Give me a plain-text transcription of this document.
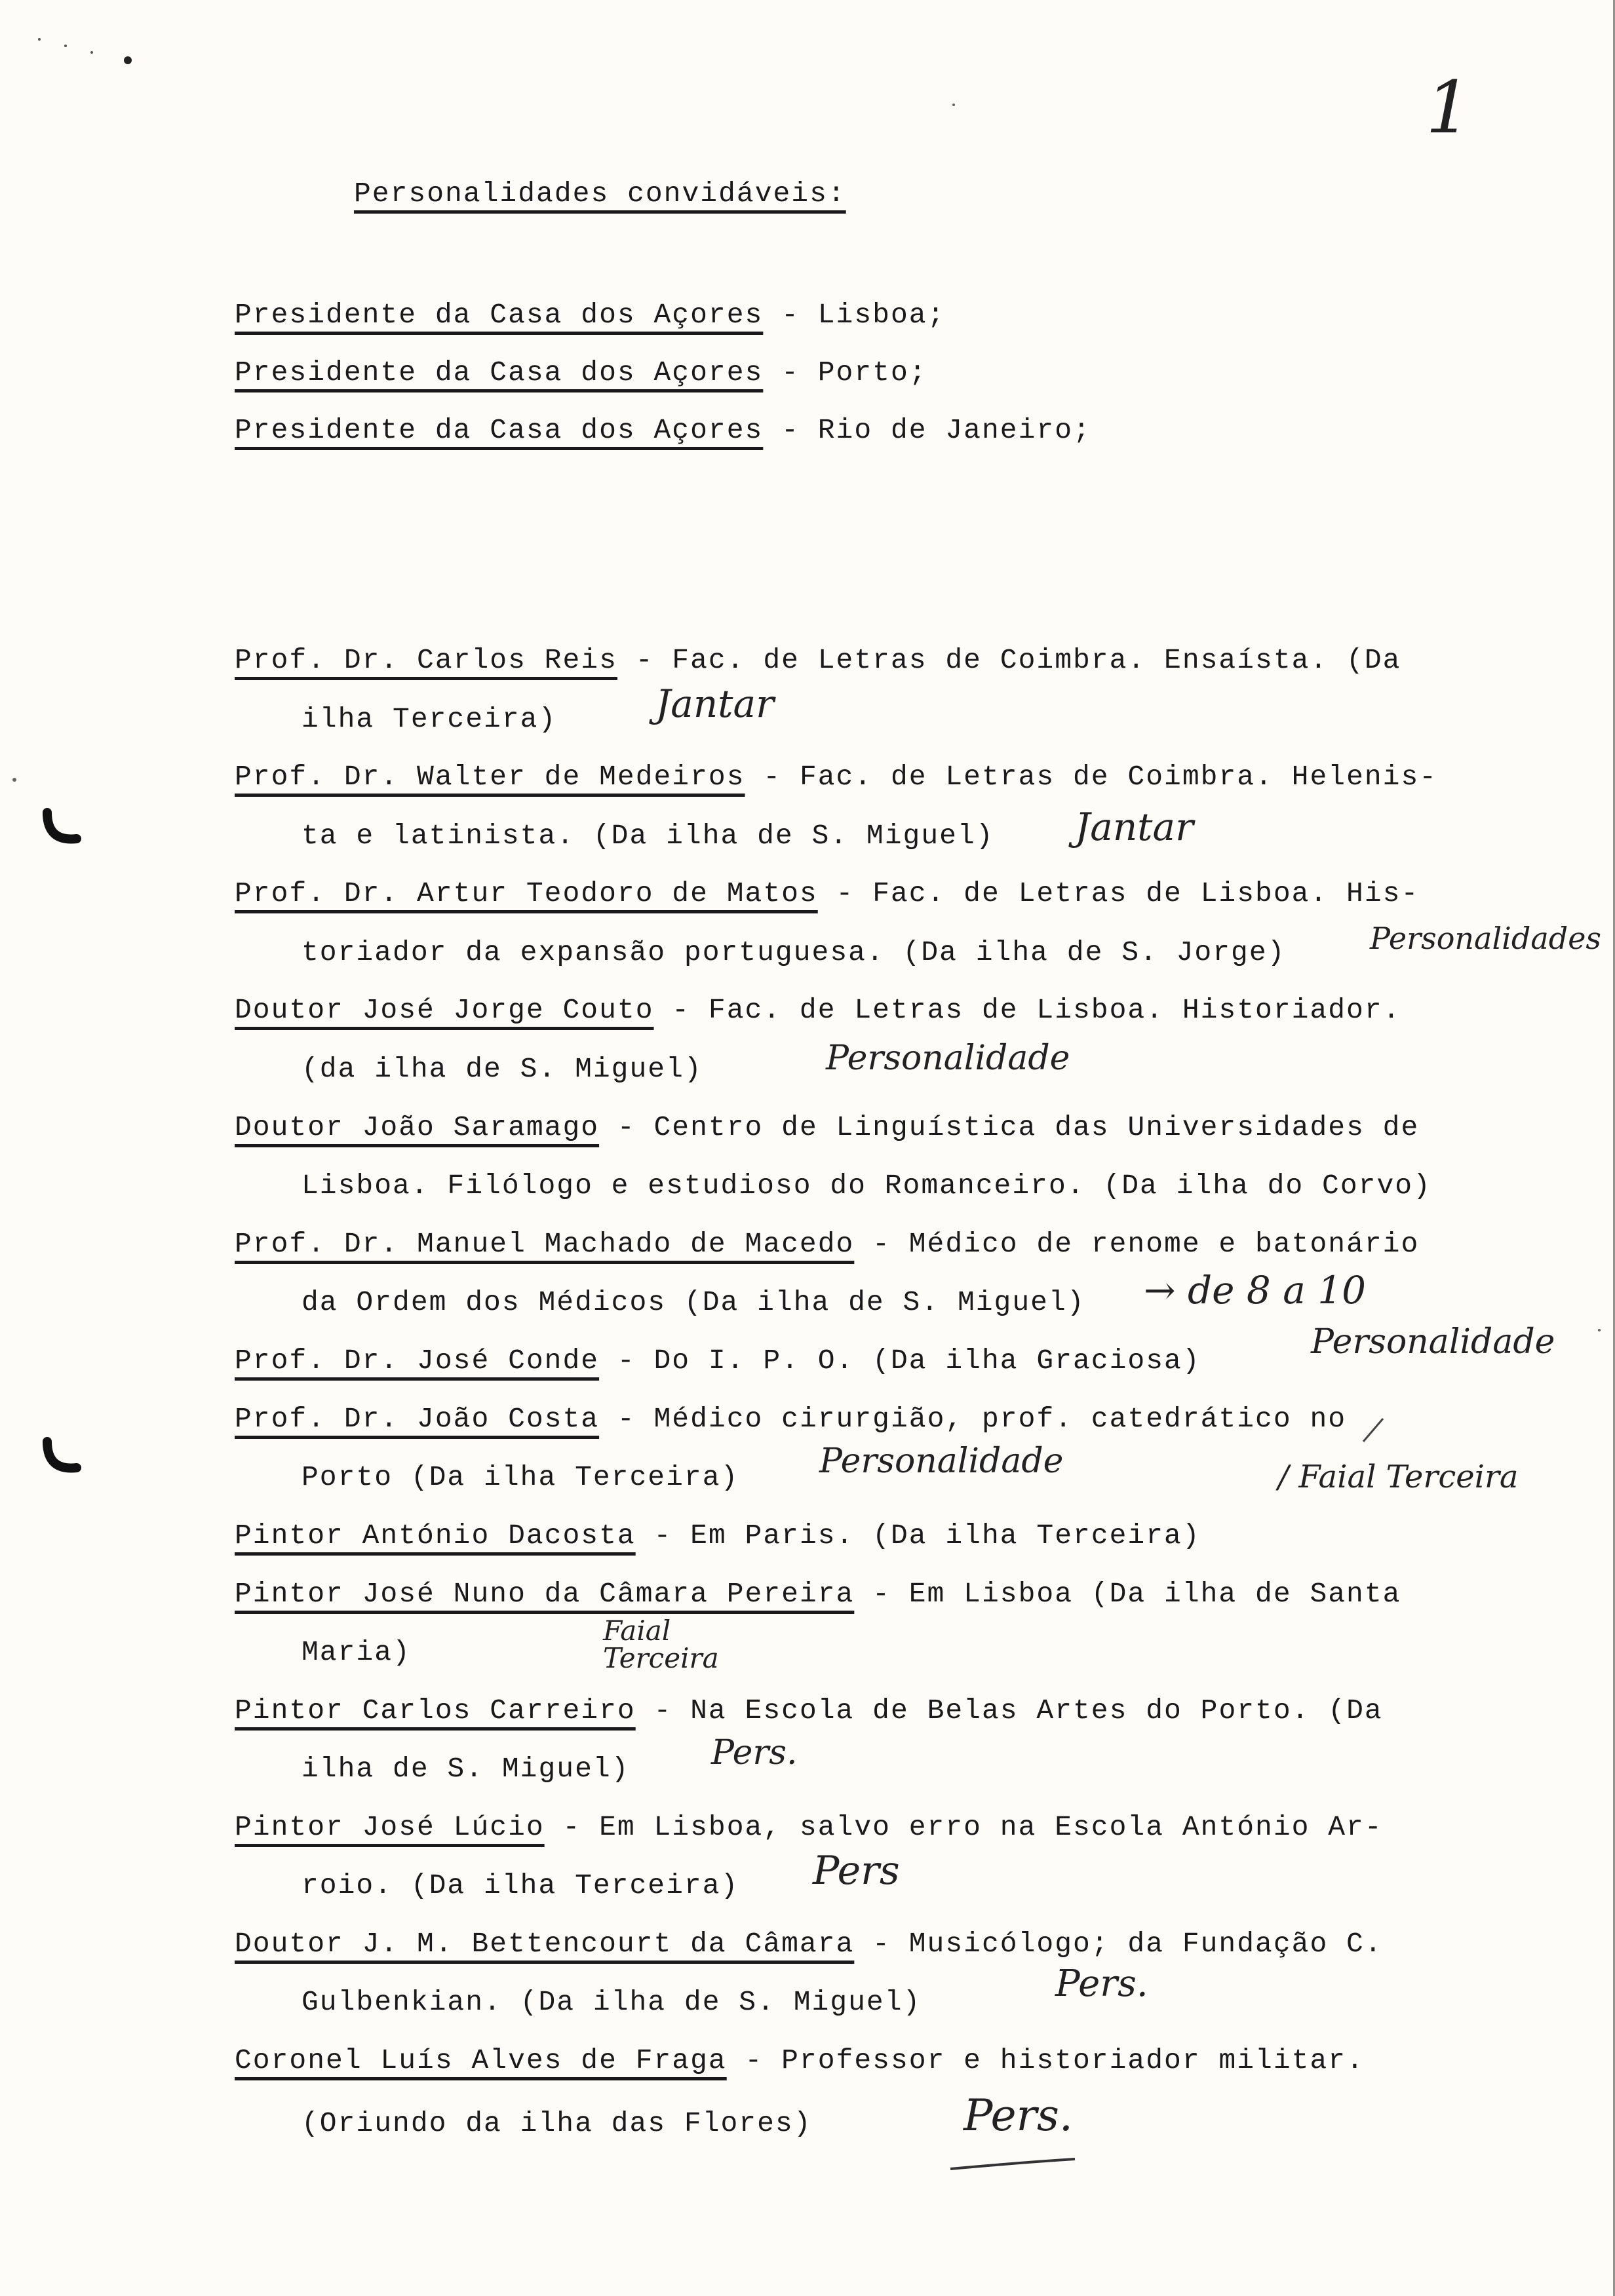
1
Personalidades convidáveis:
Presidente da Casa dos Açores - Lisboa;
Presidente da Casa dos Açores - Porto;
Presidente da Casa dos Açores - Rio de Janeiro;
Prof. Dr. Carlos Reis - Fac. de Letras de Coimbra. Ensaísta. (Da
ilha Terceira)	Jantar
Prof. Dr. Walter de Medeiros - Fac. de Letras de Coimbra. Helenis-
ta e latinista. (Da ilha de S. Miguel) Jantar
Prof. Dr. Artur Teodoro de Matos - Fac. de Letras de Lisboa. His-
toriador da expansão portuguesa. (Da ilha de S. Jorge)	Personalidades
Doutor José Jorge Couto - Fac. de Letras de Lisboa. Historiador.
(da ilha de S. Miguel)	Personalidade
Doutor João Saramago - Centro de Linguística das Universidades de
Lisboa. Filólogo e estudioso do Romanceiro. (Da ilha do Corvo)
Prof. Dr. Manuel Machado de Macedo - Médico de renome e batonário
da Ordem dos Médicos (Da ilha de S. Miguel) → de 8 a 10
Prof. Dr. José Conde - Do I. P. O. (Da ilha Graciosa)	Personalidade
Prof. Dr. João Costa - Médico cirurgião, prof. catedrático no
Porto (Da ilha Terceira) Personalidade
Pintor António Dacosta - Em Paris. (Da ilha Terceira)
/ Faial Terceira
Pintor José Nuno da Câmara Pereira - Em Lisboa (Da ilha de Santa
Maria)
Faial Terceira
Pintor Carlos Carreiro - Na Escola de Belas Artes do Porto. (Da
ilha de S. Miguel) Pers.
Pintor José Lúcio - Em Lisboa, salvo erro na Escola António Ar-
roio. (Da ilha Terceira) Pers
Doutor J. M. Bettencourt da Câmara - Musicólogo; da Fundação C.
Gulbenkian. (Da ilha de S. Miguel)	Pers.
Coronel Luís Alves de Fraga - Professor e historiador militar.
(Oriundo da ilha das Flores)	Pers.
